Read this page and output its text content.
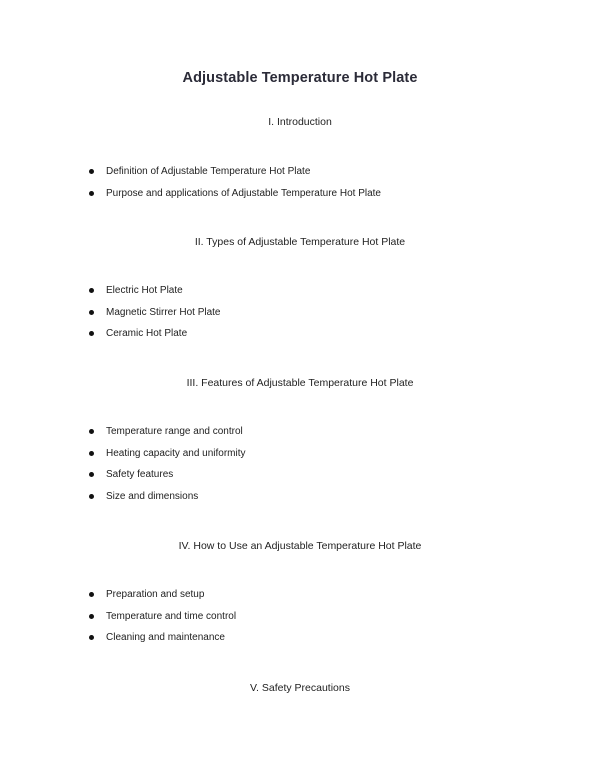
Adjustable Temperature Hot Plate
I. Introduction
Definition of Adjustable Temperature Hot Plate
Purpose and applications of Adjustable Temperature Hot Plate
II. Types of Adjustable Temperature Hot Plate
Electric Hot Plate
Magnetic Stirrer Hot Plate
Ceramic Hot Plate
III. Features of Adjustable Temperature Hot Plate
Temperature range and control
Heating capacity and uniformity
Safety features
Size and dimensions
IV. How to Use an Adjustable Temperature Hot Plate
Preparation and setup
Temperature and time control
Cleaning and maintenance
V. Safety Precautions
